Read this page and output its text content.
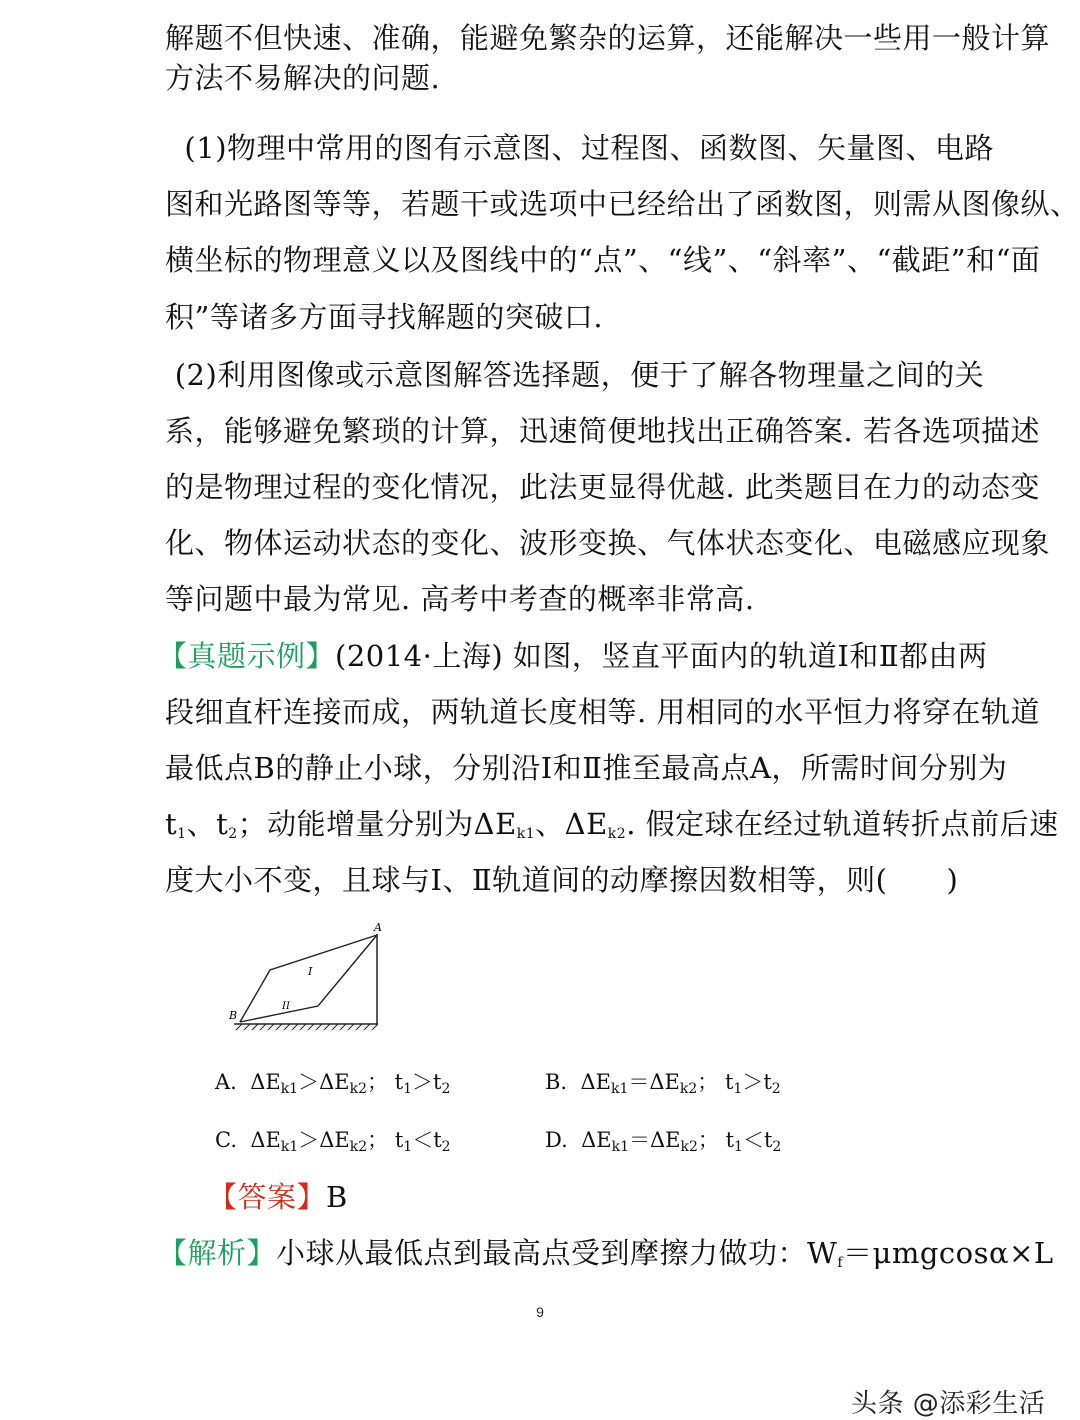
解题不但快速、准确，能避免繁杂的运算，还能解决一些用一般计算
方法不易解决的问题.
(1)物理中常用的图有示意图、过程图、函数图、矢量图、电路
图和光路图等等，若题干或选项中已经给出了函数图，则需从图像纵、
横坐标的物理意义以及图线中的“点”、“线”、“斜率”、“截距”和“面
积”等诸多方面寻找解题的突破口.
(2)利用图像或示意图解答选择题，便于了解各物理量之间的关
系，能够避免繁琐的计算，迅速简便地找出正确答案. 若各选项描述
的是物理过程的变化情况，此法更显得优越. 此类题目在力的动态变
化、物体运动状态的变化、波形变换、气体状态变化、电磁感应现象
等问题中最为常见. 高考中考查的概率非常高.
【真题示例】(2014·上海) 如图，竖直平面内的轨道Ⅰ和Ⅱ都由两
段细直杆连接而成，两轨道长度相等. 用相同的水平恒力将穿在轨道
最低点B的静止小球，分别沿Ⅰ和Ⅱ推至最高点A，所需时间分别为
$t_1$、$t_2$；动能增量分别为$\Delta E_{k1}$、$\Delta E_{k2}$. 假定球在经过轨道转折点前后速
度大小不变，且球与Ⅰ、Ⅱ轨道间的动摩擦因数相等，则(　　)
A
B
I
II
A. $\Delta E_{k1}>\Delta E_{k2}$； $t_1>t_2$	B. $\Delta E_{k1}=\Delta E_{k2}$； $t_1>t_2$
C. $\Delta E_{k1}>\Delta E_{k2}$； $t_1<t_2$	D. $\Delta E_{k1}=\Delta E_{k2}$； $t_1<t_2$
【答案】B
【解析】小球从最低点到最高点受到摩擦力做功：$W_f=\mu mgcos\alpha\times L$
9
头条 @添彩生活
